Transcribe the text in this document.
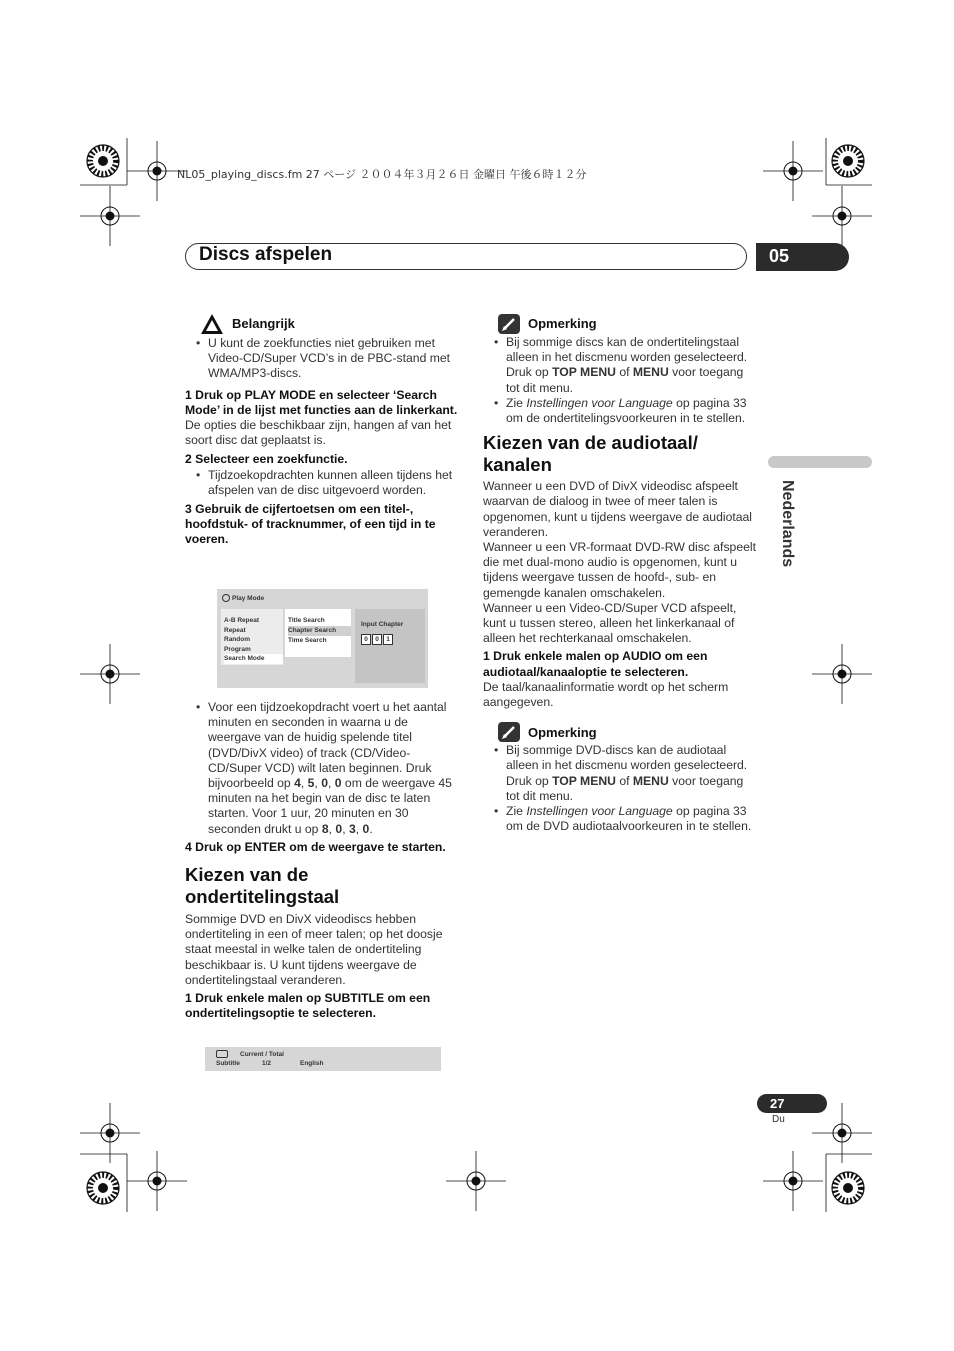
NL05_playing_discs.fm 27 ページ ２００４年３月２６日 金曜日 午後６時１２分
Discs afspelen	05
Nederlands
Belangrijk

• U kunt de zoekfuncties niet gebruiken met Video-CD/Super VCD’s in de PBC-stand met WMA/MP3-discs.

1 Druk op PLAY MODE en selecteer ‘Search Mode’ in de lijst met functies aan de linkerkant.

De opties die beschikbaar zijn, hangen af van het soort disc dat geplaatst is.

2 Selecteer een zoekfunctie.

• Tijdzoekopdrachten kunnen alleen tijdens het afspelen van de disc uitgevoerd worden.

3 Gebruik de cijfertoetsen om een titel-, hoofdstuk- of tracknummer, of een tijd in te voeren.

Play Mode
A-B Repeat
Repeat
Random
Program
Search Mode
Title Search
Chapter Search
Time Search
Input Chapter
0	0	1

• Voor een tijdzoekopdracht voert u het aantal minuten en seconden in waarna u de weergave van de huidig spelende titel (DVD/DivX video) of track (CD/Video-CD/Super VCD) wilt laten beginnen. Druk bijvoorbeeld op 4, 5, 0, 0 om de weergave 45 minuten na het begin van de disc te laten starten. Voor 1 uur, 20 minuten en 30 seconden drukt u op 8, 0, 3, 0.

4 Druk op ENTER om de weergave te starten.

Kiezen van de ondertitelingstaal

Sommige DVD en DivX videodiscs hebben ondertiteling in een of meer talen; op het doosje staat meestal in welke talen de ondertiteling beschikbaar is. U kunt tijdens weergave de ondertitelingstaal veranderen.

1 Druk enkele malen op SUBTITLE om een ondertitelingsoptie te selecteren.

Current / Total
Subtitle	1/2	English
Opmerking

• Bij sommige discs kan de ondertitelingstaal alleen in het discmenu worden geselecteerd. Druk op TOP MENU of MENU voor toegang tot dit menu.

• Zie Instellingen voor Language op pagina 33 om de ondertitelingsvoorkeuren in te stellen.

Kiezen van de audiotaal/ kanalen

Wanneer u een DVD of DivX videodisc afspeelt waarvan de dialoog in twee of meer talen is opgenomen, kunt u tijdens weergave de audiotaal veranderen.

Wanneer u een VR-formaat DVD-RW disc afspeelt die met dual-mono audio is opgenomen, kunt u tijdens weergave tussen de hoofd-, sub- en gemengde kanalen omschakelen.

Wanneer u een Video-CD/Super VCD afspeelt, kunt u tussen stereo, alleen het linkerkanaal of alleen het rechterkanaal omschakelen.

1 Druk enkele malen op AUDIO om een audiotaal/kanaaloptie te selecteren.

De taal/kanaalinformatie wordt op het scherm aangegeven.

Opmerking

• Bij sommige DVD-discs kan de audiotaal alleen in het discmenu worden geselecteerd. Druk op TOP MENU of MENU voor toegang tot dit menu.

• Zie Instellingen voor Language op pagina 33 om de DVD audiotaalvoorkeuren in te stellen.

27
Du
